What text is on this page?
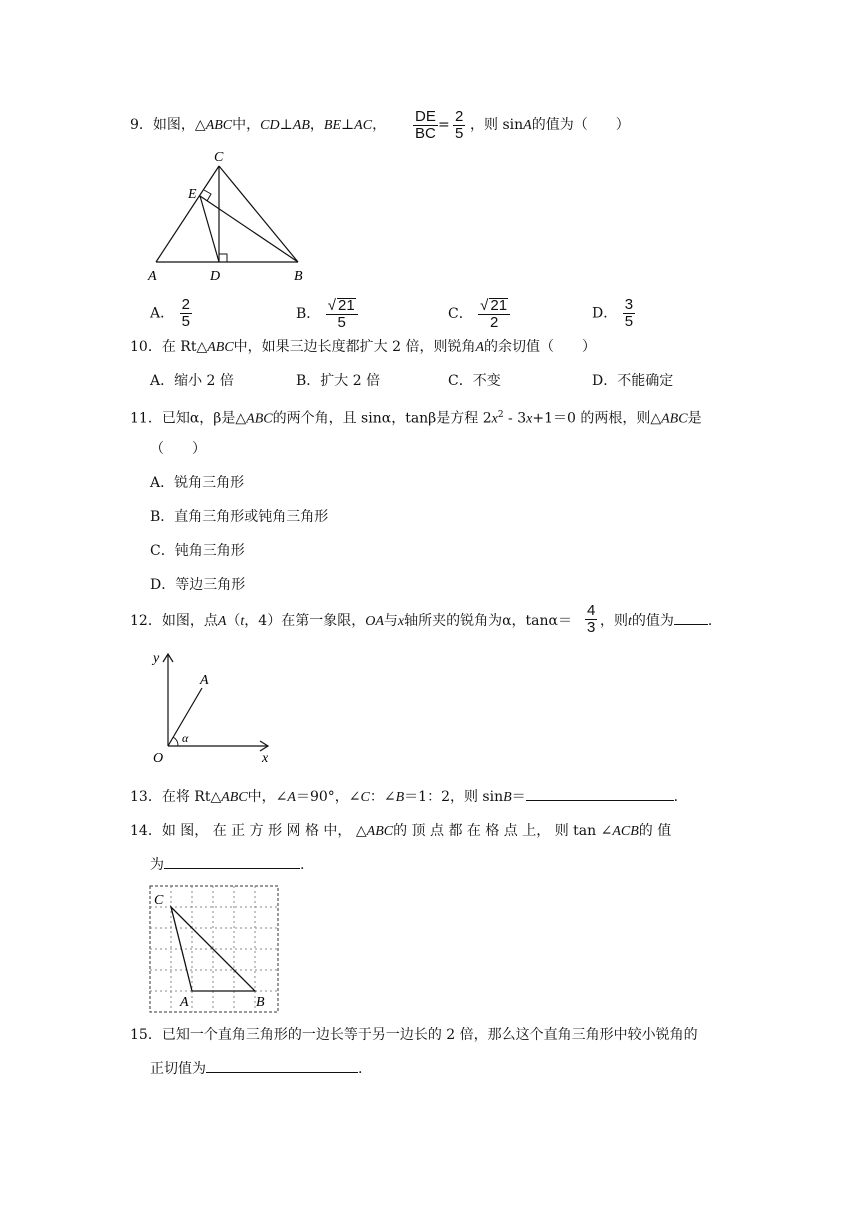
9．如图，△ABC中，CD⊥AB，BE⊥AC， $\frac{DE}{BC} = \frac{2}{5}$ ，则 sinA的值为（　　）
C
E
A	D	B
A． $\frac{2}{5}$	B． $\frac{√ 21}{5}$	C． $\frac{√ 21}{2}$	D． $\frac{3}{5}$
10．在 Rt△ABC中，如果三边长度都扩大 2 倍，则锐角A的余切值（　　）
A．缩小 2 倍	B．扩大 2 倍	C．不变	D．不能确定
11．已知α，β是△ABC的两个角，且 sinα，tanβ是方程 $2x^2 - 3x+1=0$ 的两根，则△ABC是
（　　）
A．锐角三角形
B．直角三角形或钝角三角形
C．钝角三角形
D．等边三角形
12．如图，点A（t，4）在第一象限，OA与x轴所夹的锐角为α，$\tan\alpha= \frac{4}{3}$ ，则t的值为 .
y
A
O	x
α
13．在将 Rt△ABC中，∠A＝90°，∠C：∠B＝1：2，则 sinB＝	.
14．如 图， 在 正 方 形 网 格 中， △ABC的 顶 点 都 在 格 点 上， 则 tan ∠ACB的 值
为	.
C
A	B
15．已知一个直角三角形的一边长等于另一边长的 2 倍，那么这个直角三角形中较小锐角的
正切值为	.
